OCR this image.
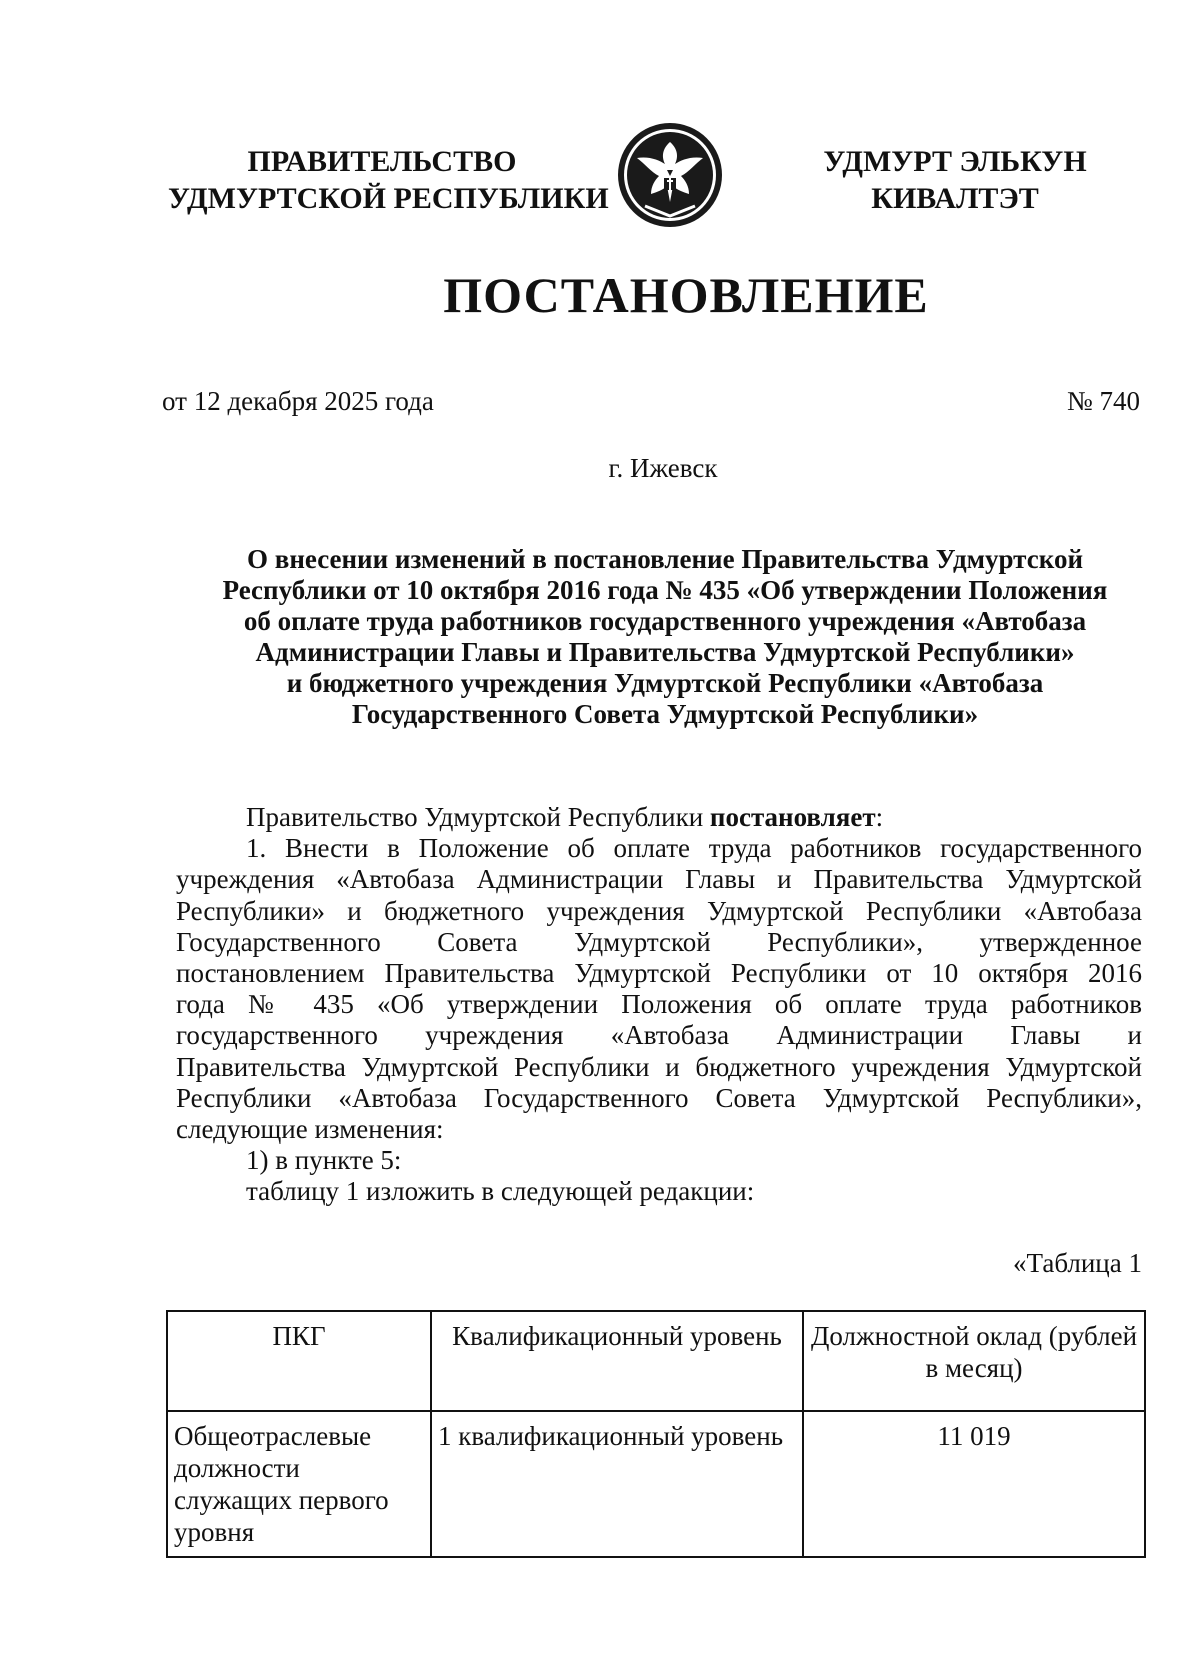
ПРАВИТЕЛЬСТВО
УДМУРТСКОЙ РЕСПУБЛИКИ
УДМУРТ ЭЛЬКУН
КИВАЛТЭТ
ПОСТАНОВЛЕНИЕ
от 12 декабря 2025 года	№ 740
г. Ижевск
О внесении изменений в постановление Правительства Удмуртской
Республики от 10 октября 2016 года № 435 «Об утверждении Положения
об оплате труда работников государственного учреждения «Автобаза
Администрации Главы и Правительства Удмуртской Республики»
и бюджетного учреждения Удмуртской Республики «Автобаза
Государственного Совета Удмуртской Республики»

Правительство Удмуртской Республики постановляет:

1. Внести в Положение об оплате труда работников государственного
учреждения «Автобаза Администрации Главы и Правительства Удмуртской
Республики» и бюджетного учреждения Удмуртской Республики «Автобаза
Государственного Совета Удмуртской Республики», утвержденное
постановлением Правительства Удмуртской Республики от 10 октября 2016
года № 435 «Об утверждении Положения об оплате труда работников
государственного учреждения «Автобаза Администрации Главы и
Правительства Удмуртской Республики и бюджетного учреждения Удмуртской
Республики «Автобаза Государственного Совета Удмуртской Республики»,
следующие изменения:

1) в пункте 5:

таблицу 1 изложить в следующей редакции:

«Таблица 1
ПКГ	Квалификационный уровень	Должностной оклад (рублей в месяц)
Общеотраслевые должности служащих первого уровня	1 квалификационный уровень	11 019
